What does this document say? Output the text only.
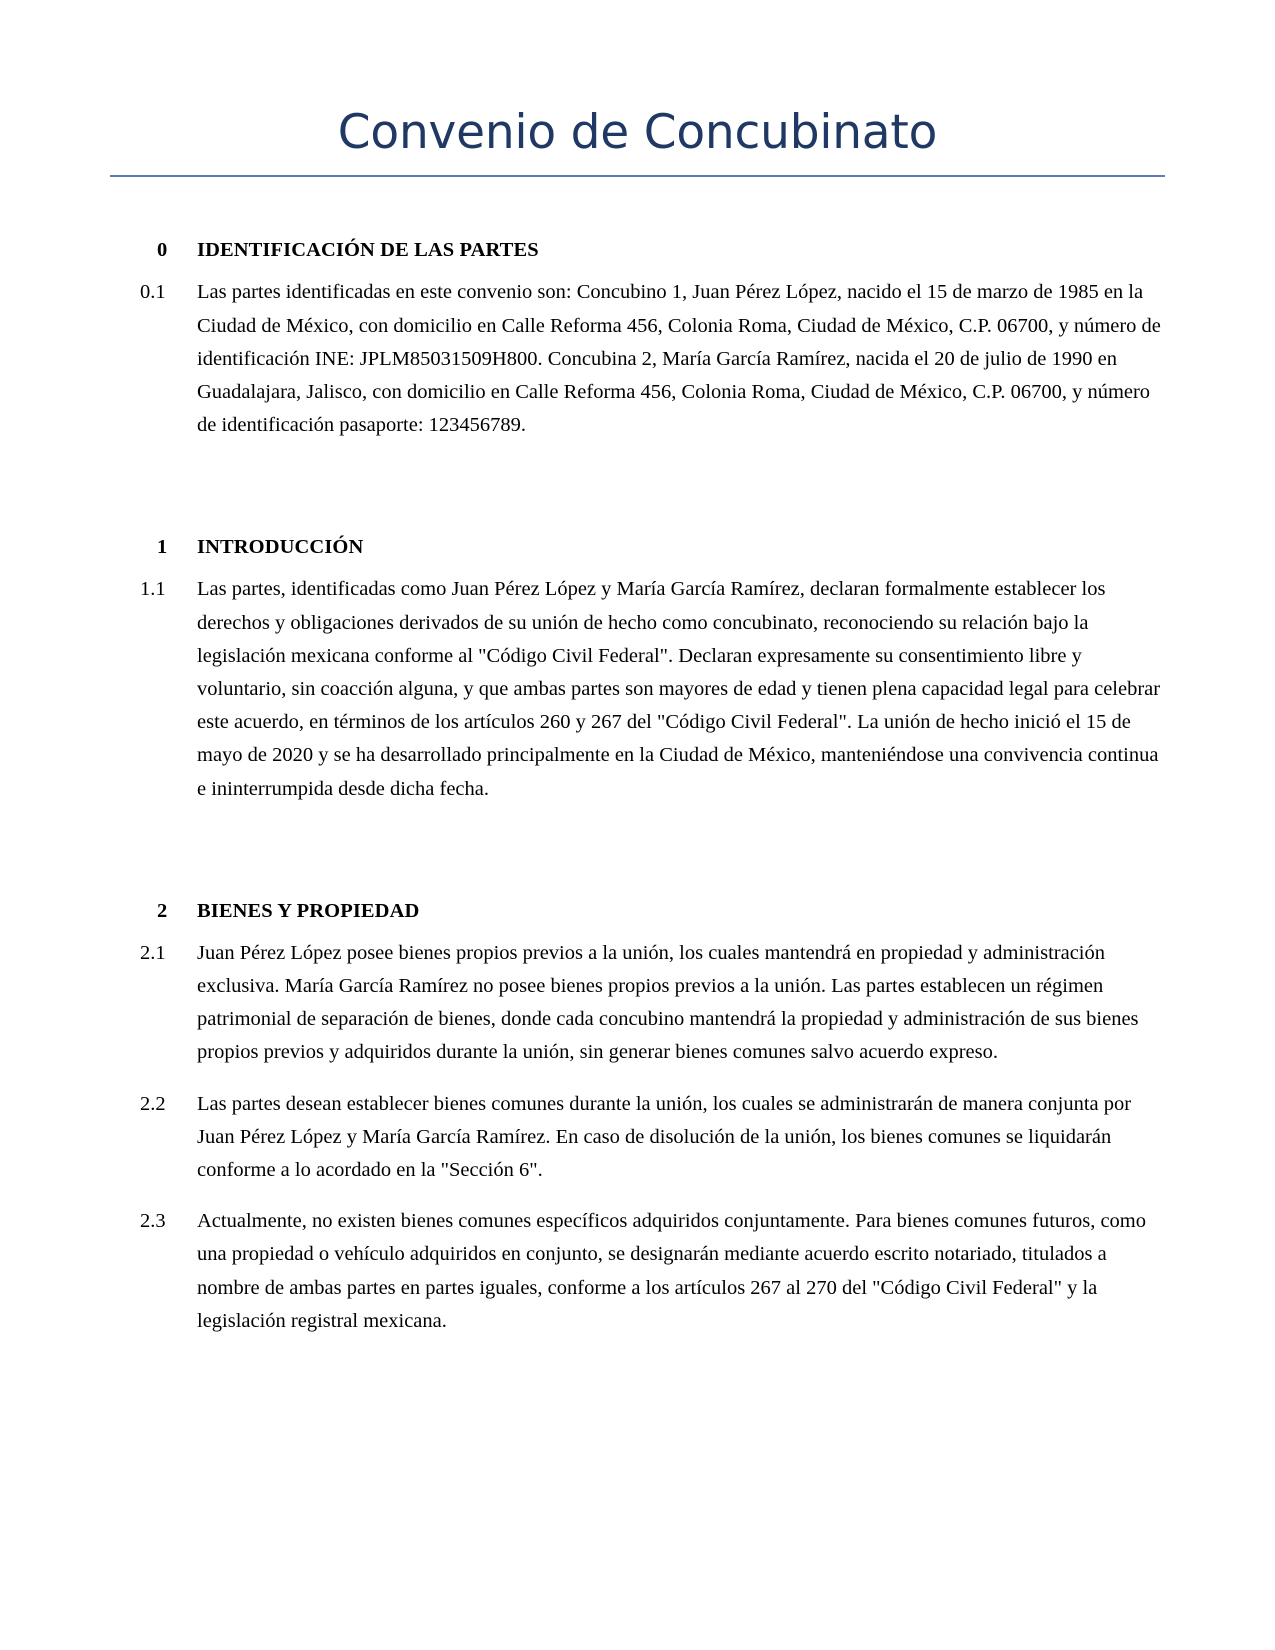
Convenio de Concubinato
0	IDENTIFICACIÓN DE LAS PARTES
0.1	Las partes identificadas en este convenio son: Concubino 1, Juan Pérez López, nacido el 15 de marzo de 1985 en la Ciudad de México, con domicilio en Calle Reforma 456, Colonia Roma, Ciudad de México, C.P. 06700, y número de identificación INE: JPLM85031509H800. Concubina 2, María García Ramírez, nacida el 20 de julio de 1990 en Guadalajara, Jalisco, con domicilio en Calle Reforma 456, Colonia Roma, Ciudad de México, C.P. 06700, y número de identificación pasaporte: 123456789.
1	INTRODUCCIÓN
1.1	Las partes, identificadas como Juan Pérez López y María García Ramírez, declaran formalmente establecer los derechos y obligaciones derivados de su unión de hecho como concubinato, reconociendo su relación bajo la legislación mexicana conforme al "Código Civil Federal". Declaran expresamente su consentimiento libre y voluntario, sin coacción alguna, y que ambas partes son mayores de edad y tienen plena capacidad legal para celebrar este acuerdo, en términos de los artículos 260 y 267 del "Código Civil Federal". La unión de hecho inició el 15 de mayo de 2020 y se ha desarrollado principalmente en la Ciudad de México, manteniéndose una convivencia continua e ininterrumpida desde dicha fecha.
2	BIENES Y PROPIEDAD
2.1	Juan Pérez López posee bienes propios previos a la unión, los cuales mantendrá en propiedad y administración exclusiva. María García Ramírez no posee bienes propios previos a la unión. Las partes establecen un régimen patrimonial de separación de bienes, donde cada concubino mantendrá la propiedad y administración de sus bienes propios previos y adquiridos durante la unión, sin generar bienes comunes salvo acuerdo expreso.
2.2	Las partes desean establecer bienes comunes durante la unión, los cuales se administrarán de manera conjunta por Juan Pérez López y María García Ramírez. En caso de disolución de la unión, los bienes comunes se liquidarán conforme a lo acordado en la "Sección 6".
2.3	Actualmente, no existen bienes comunes específicos adquiridos conjuntamente. Para bienes comunes futuros, como una propiedad o vehículo adquiridos en conjunto, se designarán mediante acuerdo escrito notariado, titulados a nombre de ambas partes en partes iguales, conforme a los artículos 267 al 270 del "Código Civil Federal" y la legislación registral mexicana.
